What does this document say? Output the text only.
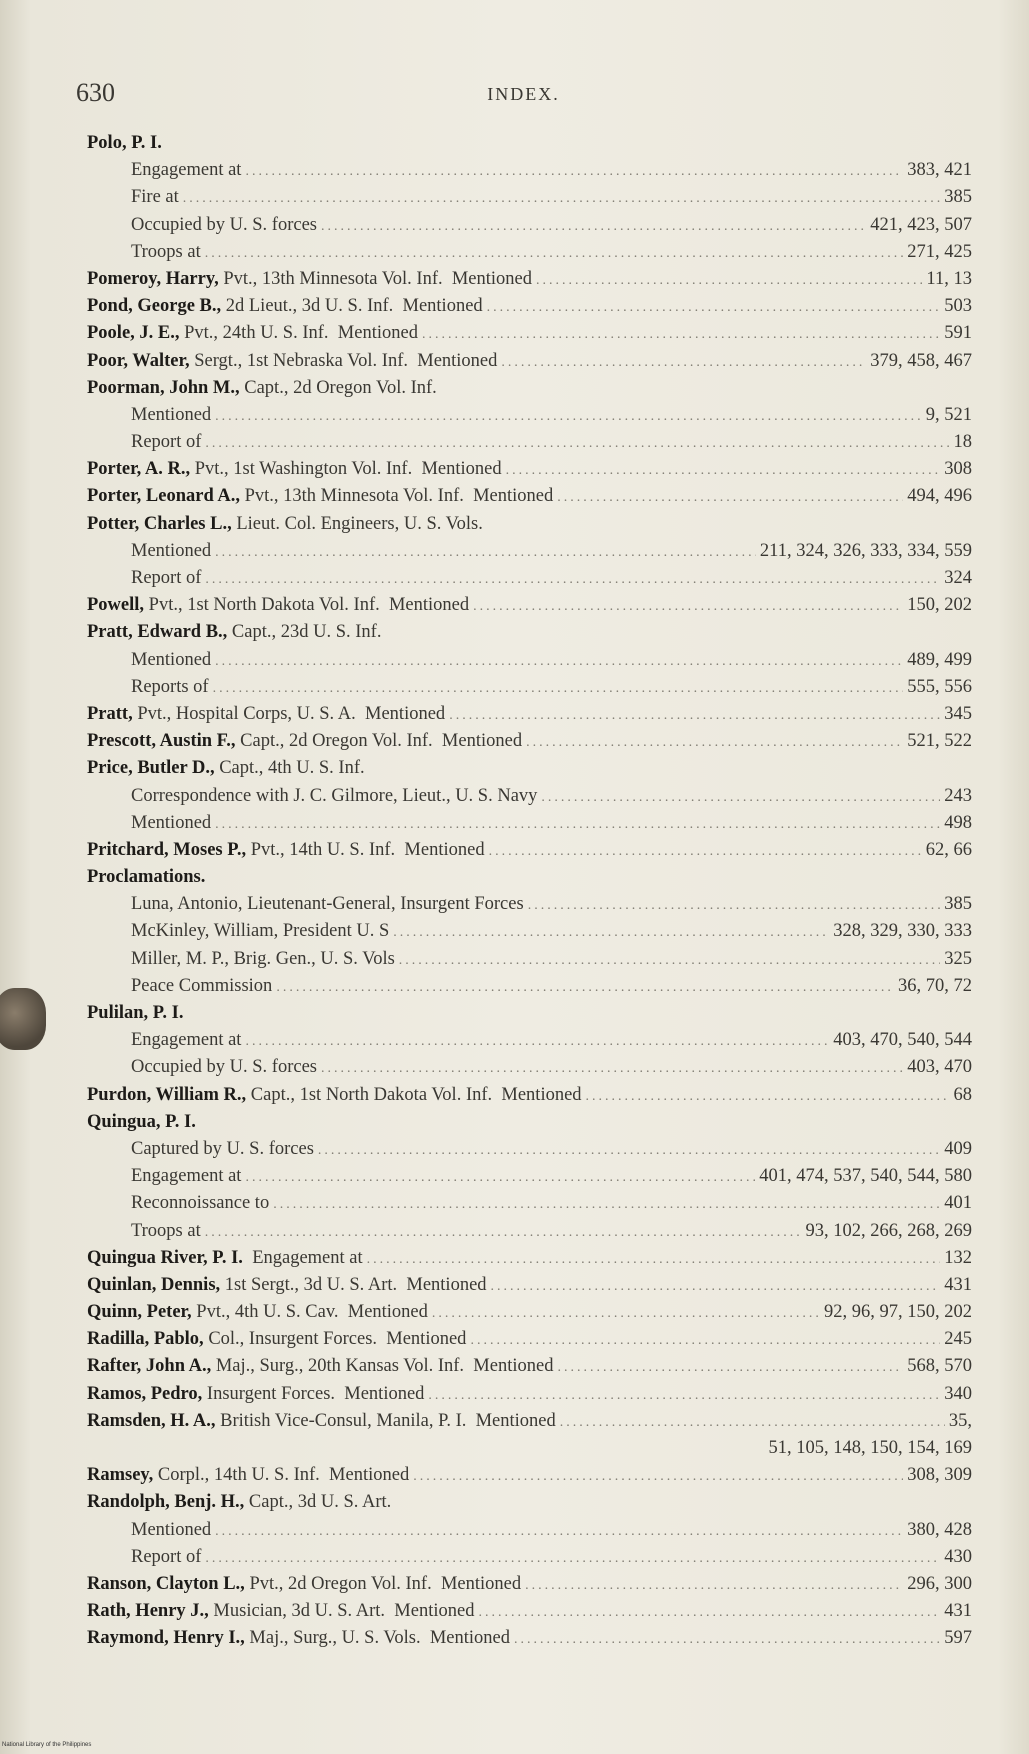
630	INDEX.
Polo, P. I.
Engagement at .....	383, 421
Fire at .....	385
Occupied by U. S. forces .....	421, 423, 507
Troops at .....	271, 425
Pomeroy, Harry, Pvt., 13th Minnesota Vol. Inf.  Mentioned .....	11, 13
Pond, George B., 2d Lieut., 3d U. S. Inf.  Mentioned .....	503
Poole, J. E., Pvt., 24th U. S. Inf.  Mentioned .....	591
Poor, Walter, Sergt., 1st Nebraska Vol. Inf.  Mentioned .....	379, 458, 467
Poorman, John M., Capt., 2d Oregon Vol. Inf.
Mentioned .....	9, 521
Report of .....	18
Porter, A. R., Pvt., 1st Washington Vol. Inf.  Mentioned .....	308
Porter, Leonard A., Pvt., 13th Minnesota Vol. Inf.  Mentioned .....	494, 496
Potter, Charles L., Lieut. Col. Engineers, U. S. Vols.
Mentioned .....	211, 324, 326, 333, 334, 559
Report of .....	324
Powell, Pvt., 1st North Dakota Vol. Inf.  Mentioned .....	150, 202
Pratt, Edward B., Capt., 23d U. S. Inf.
Mentioned .....	489, 499
Reports of .....	555, 556
Pratt, Pvt., Hospital Corps, U. S. A.  Mentioned .....	345
Prescott, Austin F., Capt., 2d Oregon Vol. Inf.  Mentioned .....	521, 522
Price, Butler D., Capt., 4th U. S. Inf.
Correspondence with J. C. Gilmore, Lieut., U. S. Navy .....	243
Mentioned .....	498
Pritchard, Moses P., Pvt., 14th U. S. Inf.  Mentioned .....	62, 66
Proclamations.
Luna, Antonio, Lieutenant-General, Insurgent Forces .....	385
McKinley, William, President U. S .....	328, 329, 330, 333
Miller, M. P., Brig. Gen., U. S. Vols .....	325
Peace Commission .....	36, 70, 72
Pulilan, P. I.
Engagement at .....	403, 470, 540, 544
Occupied by U. S. forces .....	403, 470
Purdon, William R., Capt., 1st North Dakota Vol. Inf.  Mentioned .....	68
Quingua, P. I.
Captured by U. S. forces .....	409
Engagement at .....	401, 474, 537, 540, 544, 580
Reconnoissance to .....	401
Troops at .....	93, 102, 266, 268, 269
Quingua River, P. I.  Engagement at .....	132
Quinlan, Dennis, 1st Sergt., 3d U. S. Art.  Mentioned .....	431
Quinn, Peter, Pvt., 4th U. S. Cav.  Mentioned .....	92, 96, 97, 150, 202
Radilla, Pablo, Col., Insurgent Forces.  Mentioned .....	245
Rafter, John A., Maj., Surg., 20th Kansas Vol. Inf.  Mentioned .....	568, 570
Ramos, Pedro, Insurgent Forces.  Mentioned .....	340
Ramsden, H. A., British Vice-Consul, Manila, P. I.  Mentioned .....	35,
51, 105, 148, 150, 154, 169
Ramsey, Corpl., 14th U. S. Inf.  Mentioned .....	308, 309
Randolph, Benj. H., Capt., 3d U. S. Art.
Mentioned .....	380, 428
Report of .....	430
Ranson, Clayton L., Pvt., 2d Oregon Vol. Inf.  Mentioned .....	296, 300
Rath, Henry J., Musician, 3d U. S. Art.  Mentioned .....	431
Raymond, Henry I., Maj., Surg., U. S. Vols.  Mentioned .....	597
National Library of the Philippines
